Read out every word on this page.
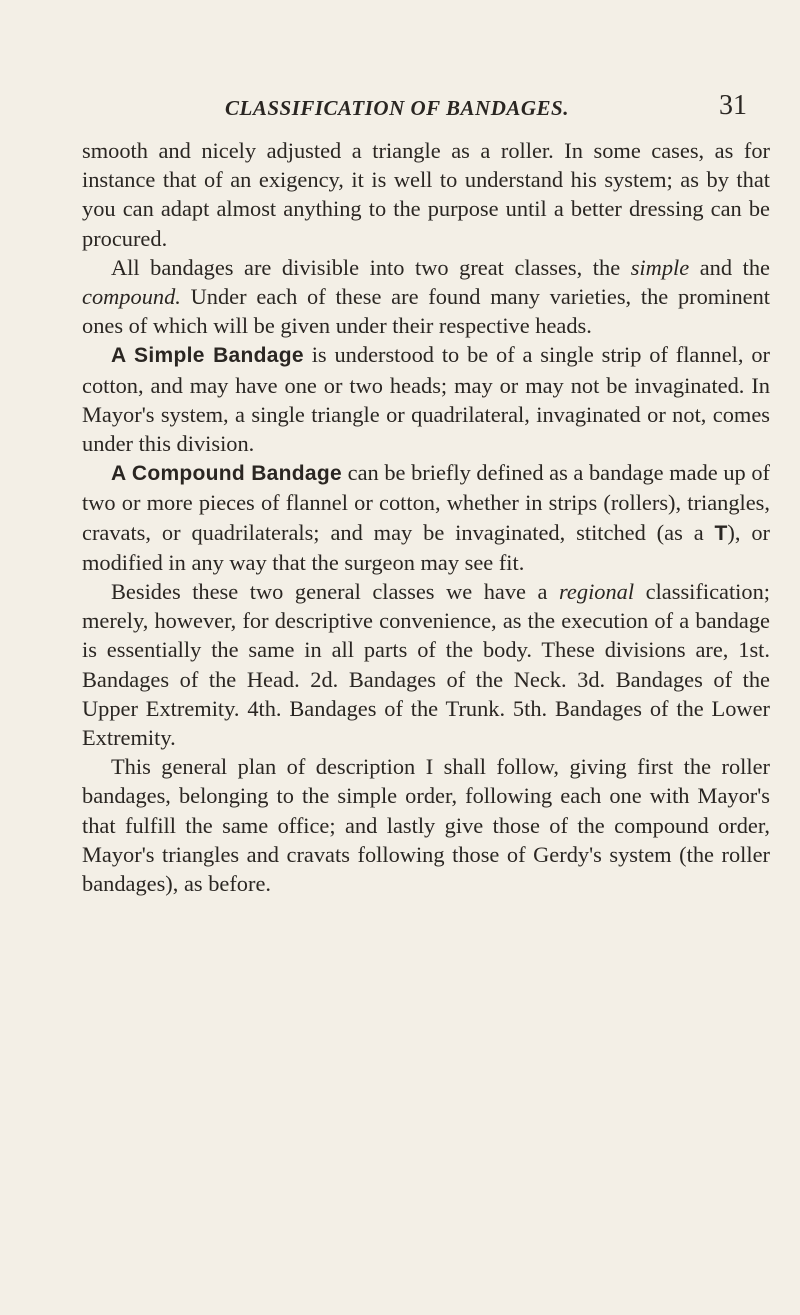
CLASSIFICATION OF BANDAGES.	31

smooth and nicely adjusted a triangle as a roller. In some cases, as for instance that of an exigency, it is well to understand his system; as by that you can adapt almost anything to the purpose until a better dressing can be procured.

All bandages are divisible into two great classes, the simple and the compound. Under each of these are found many varieties, the prominent ones of which will be given under their respective heads.

A Simple Bandage is understood to be of a single strip of flannel, or cotton, and may have one or two heads; may or may not be invaginated. In Mayor's system, a single triangle or quadrilateral, invaginated or not, comes under this division.

A Compound Bandage can be briefly defined as a bandage made up of two or more pieces of flannel or cotton, whether in strips (rollers), triangles, cravats, or quadrilaterals; and may be invaginated, stitched (as a T), or modified in any way that the surgeon may see fit.

Besides these two general classes we have a regional classification; merely, however, for descriptive convenience, as the execution of a bandage is essentially the same in all parts of the body. These divisions are, 1st. Bandages of the Head. 2d. Bandages of the Neck. 3d. Bandages of the Upper Extremity. 4th. Bandages of the Trunk. 5th. Bandages of the Lower Extremity.

This general plan of description I shall follow, giving first the roller bandages, belonging to the simple order, following each one with Mayor's that fulfill the same office; and lastly give those of the compound order, Mayor's triangles and cravats following those of Gerdy's system (the roller bandages), as before.
